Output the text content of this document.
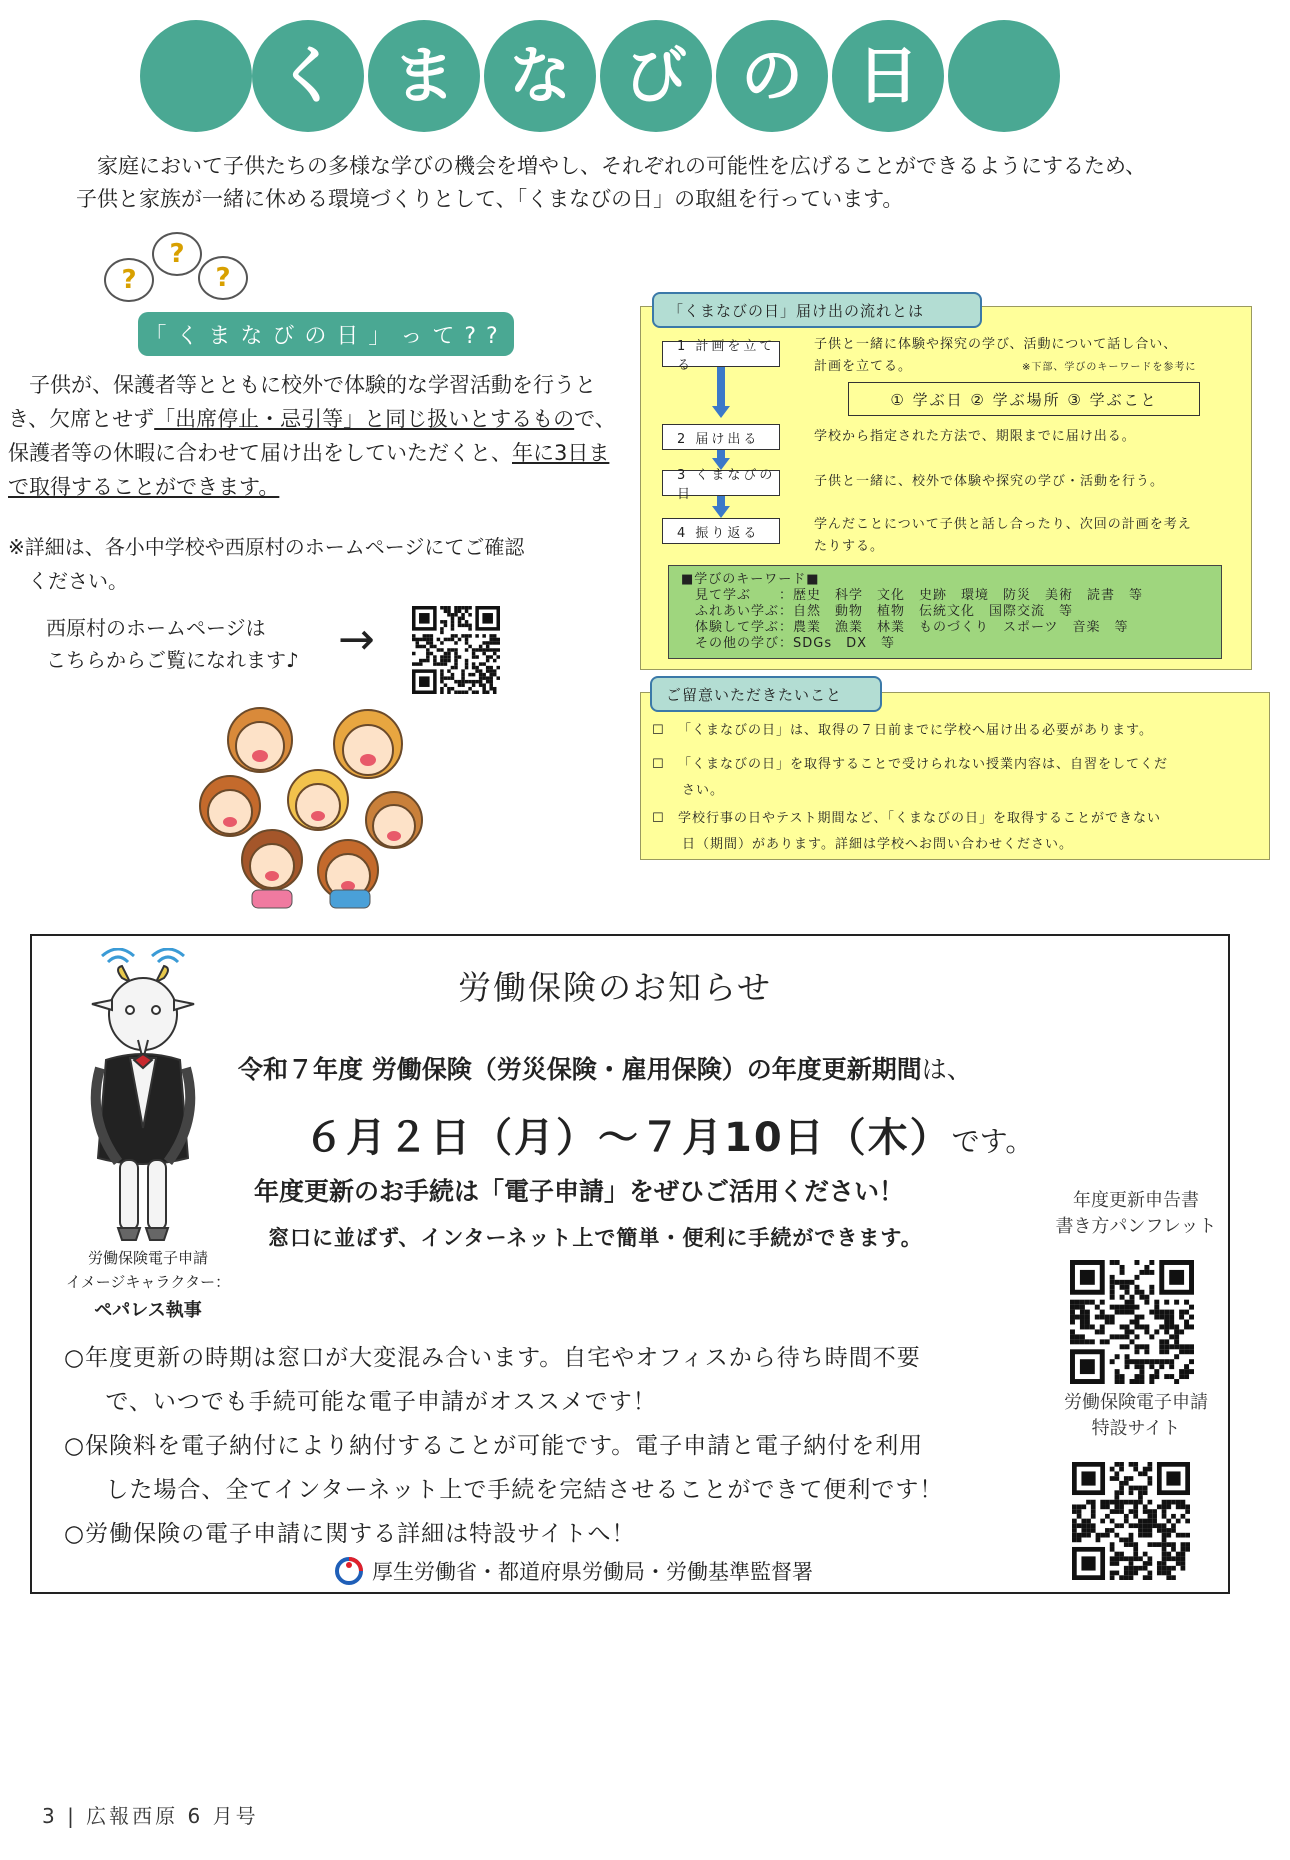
く ま な び の 日
家庭において子供たちの多様な学びの機会を増やし、それぞれの可能性を広げることができるようにするため、子供と家族が一緒に休める環境づくりとして、「くまなびの日」の取組を行っています。
?
?
?
「くまなびの日」って??
子供が、保護者等とともに校外で体験的な学習活動を行うとき、欠席とせず「出席停止・忌引等」と同じ扱いとするもので、保護者等の休暇に合わせて届け出をしていただくと、年に3日まで取得することができます。
※詳細は、各小中学校や西原村のホームページにてご確認
ください。
西原村のホームページは
こちらからご覧になれます♪ →
「くまなびの日」届け出の流れとは
1 計画を立てる
子供と一緒に体験や探究の学び、活動について話し合い、
計画を立てる。	※下部、学びのキーワードを参考に
① 学ぶ日 ② 学ぶ場所 ③ 学ぶこと
2 届け出る	学校から指定された方法で、期限までに届け出る。
3 くまなびの日
子供と一緒に、校外で体験や探究の学び・活動を行う。
4 振り返る
学んだことについて子供と話し合ったり、次回の計画を考え
たりする。
■学びのキーワード■
見て学ぶ　　：歴史　科学　文化　史跡　環境　防災　美術　読書　等
ふれあい学ぶ：自然　動物　植物　伝統文化　国際交流　等
体験して学ぶ：農業　漁業　林業　ものづくり　スポーツ　音楽　等
その他の学び：SDGs　DX　等
ご留意いただきたいこと
☐ 「くまなびの日」は、取得の７日前までに学校へ届け出る必要があります。
☐ 「くまなびの日」を取得することで受けられない授業内容は、自習をしてくだ
さい。
☐ 学校行事の日やテスト期間など、「くまなびの日」を取得することができない
日（期間）があります。詳細は学校へお問い合わせください。
労働保険のお知らせ
令和７年度 労働保険（労災保険・雇用保険）の年度更新期間は、
６月２日（月）～７月10日（木）です。
年度更新のお手続は「電子申請」をぜひご活用ください！
窓口に並ばず、インターネット上で簡単・便利に手続ができます。
労働保険電子申請
イメージキャラクター：
ペパレス執事
○年度更新の時期は窓口が大変混み合います。自宅やオフィスから待ち時間不要
で、いつでも手続可能な電子申請がオススメです！
○保険料を電子納付により納付することが可能です。電子申請と電子納付を利用
した場合、全てインターネット上で手続を完結させることができて便利です！
○労働保険の電子申請に関する詳細は特設サイトへ！
厚生労働省・都道府県労働局・労働基準監督署
年度更新申告書
書き方パンフレット
労働保険電子申請
特設サイト
3 | 広報西原 6 月号
